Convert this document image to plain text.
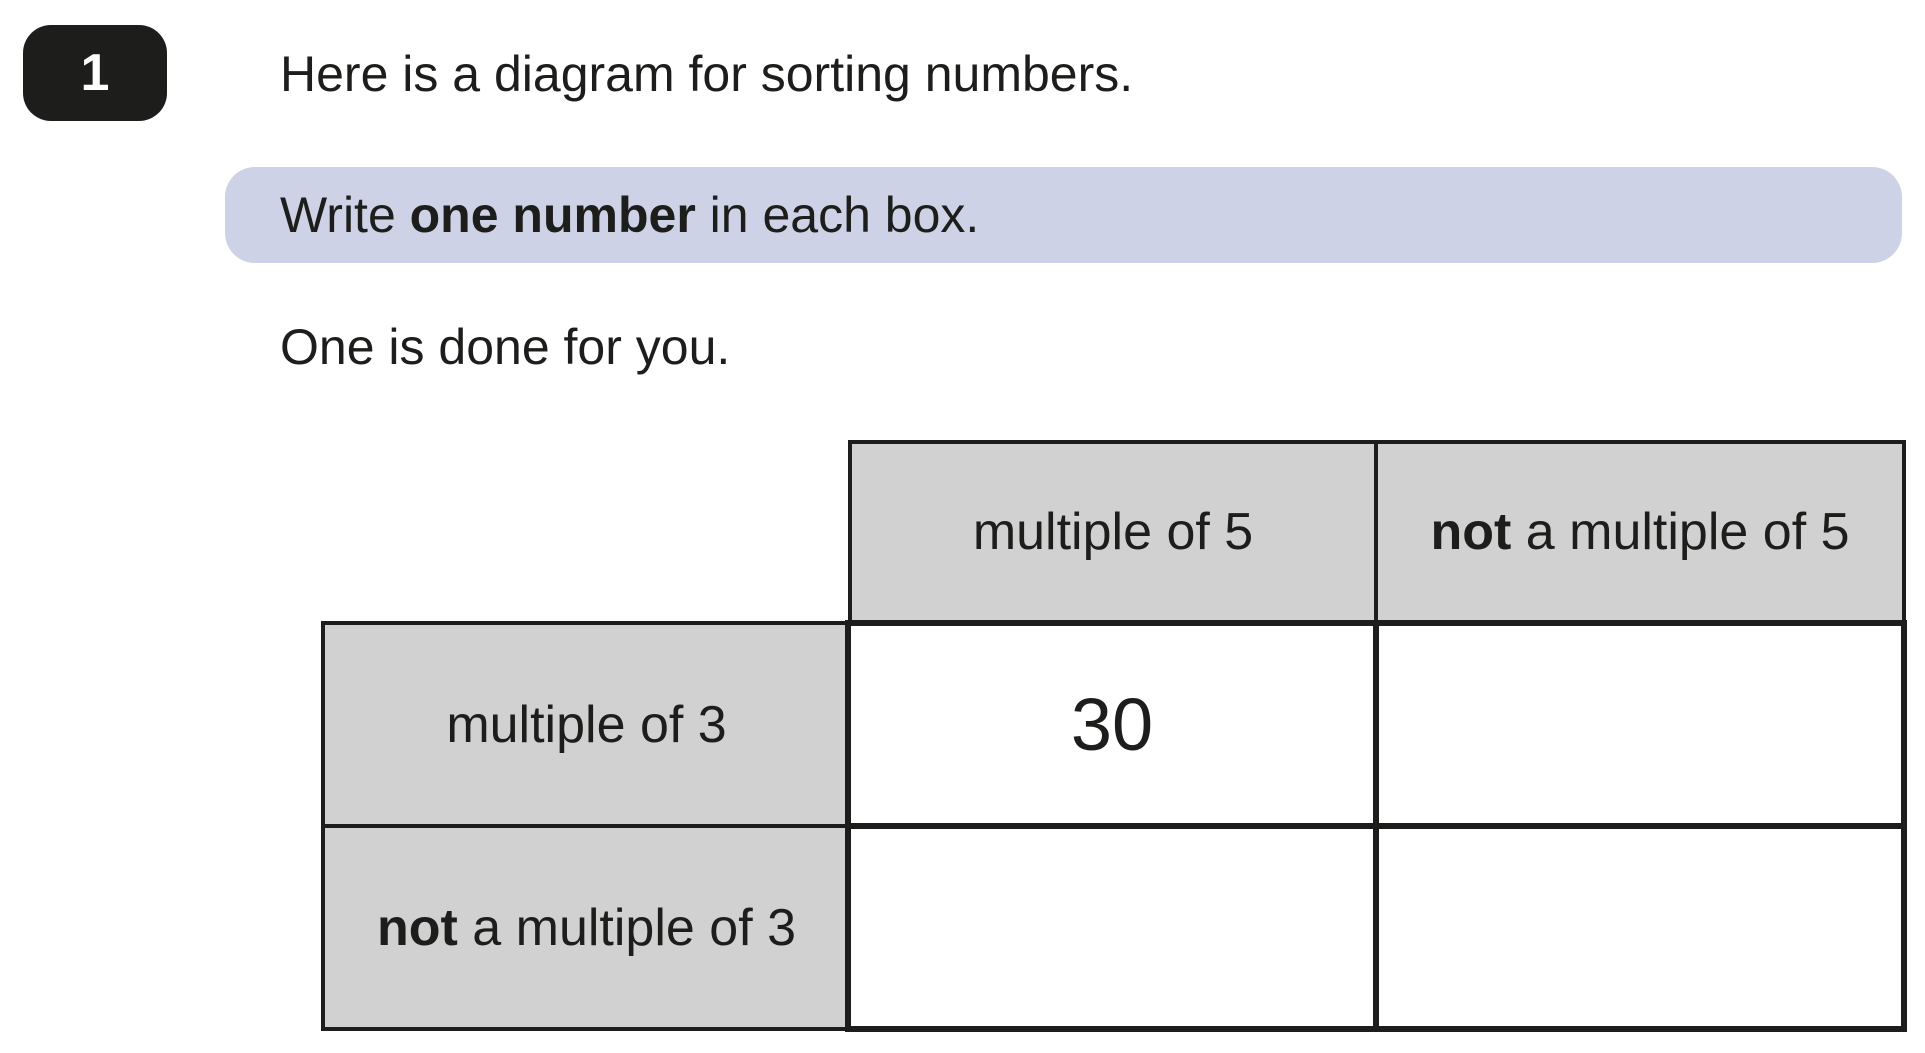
1	Here is a diagram for sorting numbers.
Write one number in each box.
One is done for you.
multiple of 5	not a multiple of 5
multiple of 3
not a multiple of 3
30
